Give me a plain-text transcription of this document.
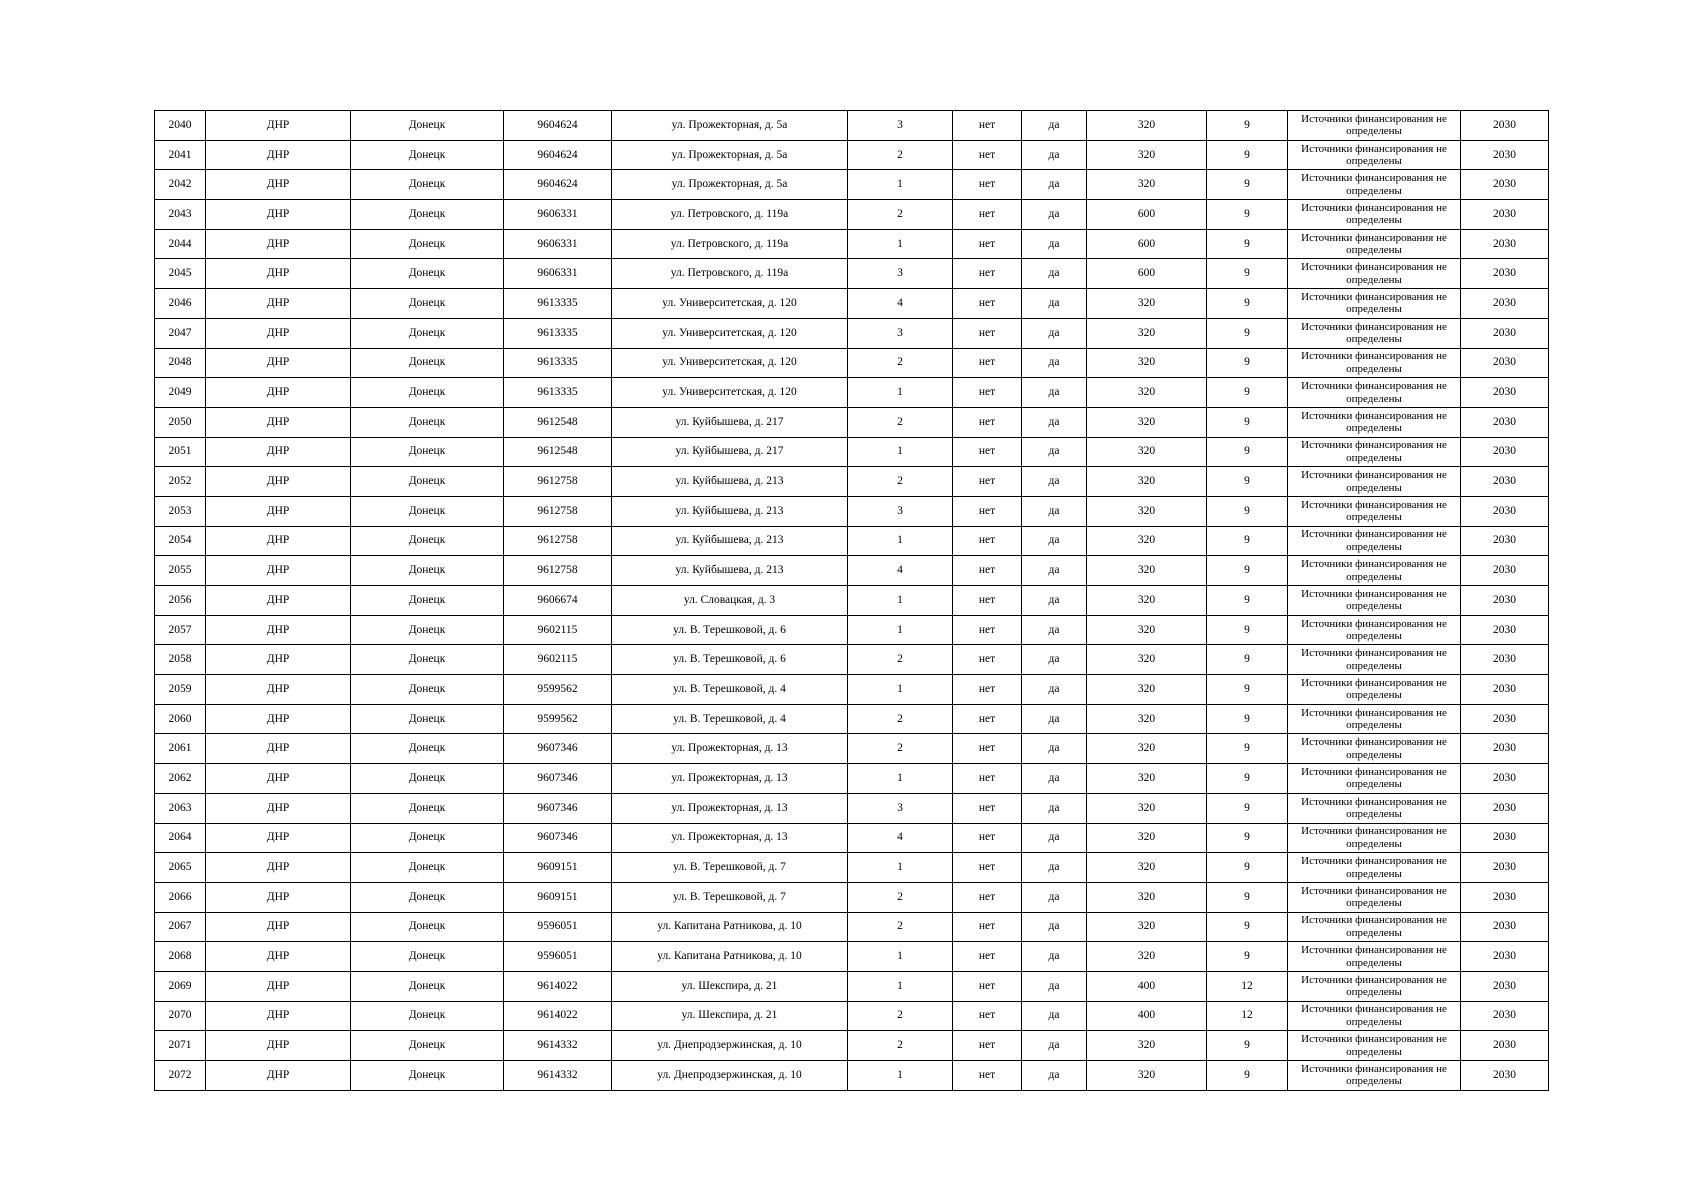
2040	ДНР	Донецк	9604624	ул. Прожекторная, д. 5а	3	нет	да	320	9	Источники финансирования не определены	2030
2041	ДНР	Донецк	9604624	ул. Прожекторная, д. 5а	2	нет	да	320	9	Источники финансирования не определены	2030
2042	ДНР	Донецк	9604624	ул. Прожекторная, д. 5а	1	нет	да	320	9	Источники финансирования не определены	2030
2043	ДНР	Донецк	9606331	ул. Петровского, д. 119а	2	нет	да	600	9	Источники финансирования не определены	2030
2044	ДНР	Донецк	9606331	ул. Петровского, д. 119а	1	нет	да	600	9	Источники финансирования не определены	2030
2045	ДНР	Донецк	9606331	ул. Петровского, д. 119а	3	нет	да	600	9	Источники финансирования не определены	2030
2046	ДНР	Донецк	9613335	ул. Университетская, д. 120	4	нет	да	320	9	Источники финансирования не определены	2030
2047	ДНР	Донецк	9613335	ул. Университетская, д. 120	3	нет	да	320	9	Источники финансирования не определены	2030
2048	ДНР	Донецк	9613335	ул. Университетская, д. 120	2	нет	да	320	9	Источники финансирования не определены	2030
2049	ДНР	Донецк	9613335	ул. Университетская, д. 120	1	нет	да	320	9	Источники финансирования не определены	2030
2050	ДНР	Донецк	9612548	ул. Куйбышева, д. 217	2	нет	да	320	9	Источники финансирования не определены	2030
2051	ДНР	Донецк	9612548	ул. Куйбышева, д. 217	1	нет	да	320	9	Источники финансирования не определены	2030
2052	ДНР	Донецк	9612758	ул. Куйбышева, д. 213	2	нет	да	320	9	Источники финансирования не определены	2030
2053	ДНР	Донецк	9612758	ул. Куйбышева, д. 213	3	нет	да	320	9	Источники финансирования не определены	2030
2054	ДНР	Донецк	9612758	ул. Куйбышева, д. 213	1	нет	да	320	9	Источники финансирования не определены	2030
2055	ДНР	Донецк	9612758	ул. Куйбышева, д. 213	4	нет	да	320	9	Источники финансирования не определены	2030
2056	ДНР	Донецк	9606674	ул. Словацкая, д. 3	1	нет	да	320	9	Источники финансирования не определены	2030
2057	ДНР	Донецк	9602115	ул. В. Терешковой, д. 6	1	нет	да	320	9	Источники финансирования не определены	2030
2058	ДНР	Донецк	9602115	ул. В. Терешковой, д. 6	2	нет	да	320	9	Источники финансирования не определены	2030
2059	ДНР	Донецк	9599562	ул. В. Терешковой, д. 4	1	нет	да	320	9	Источники финансирования не определены	2030
2060	ДНР	Донецк	9599562	ул. В. Терешковой, д. 4	2	нет	да	320	9	Источники финансирования не определены	2030
2061	ДНР	Донецк	9607346	ул. Прожекторная, д. 13	2	нет	да	320	9	Источники финансирования не определены	2030
2062	ДНР	Донецк	9607346	ул. Прожекторная, д. 13	1	нет	да	320	9	Источники финансирования не определены	2030
2063	ДНР	Донецк	9607346	ул. Прожекторная, д. 13	3	нет	да	320	9	Источники финансирования не определены	2030
2064	ДНР	Донецк	9607346	ул. Прожекторная, д. 13	4	нет	да	320	9	Источники финансирования не определены	2030
2065	ДНР	Донецк	9609151	ул. В. Терешковой, д. 7	1	нет	да	320	9	Источники финансирования не определены	2030
2066	ДНР	Донецк	9609151	ул. В. Терешковой, д. 7	2	нет	да	320	9	Источники финансирования не определены	2030
2067	ДНР	Донецк	9596051	ул. Капитана Ратникова, д. 10	2	нет	да	320	9	Источники финансирования не определены	2030
2068	ДНР	Донецк	9596051	ул. Капитана Ратникова, д. 10	1	нет	да	320	9	Источники финансирования не определены	2030
2069	ДНР	Донецк	9614022	ул. Шекспира, д. 21	1	нет	да	400	12	Источники финансирования не определены	2030
2070	ДНР	Донецк	9614022	ул. Шекспира, д. 21	2	нет	да	400	12	Источники финансирования не определены	2030
2071	ДНР	Донецк	9614332	ул. Днепродзержинская, д. 10	2	нет	да	320	9	Источники финансирования не определены	2030
2072	ДНР	Донецк	9614332	ул. Днепродзержинская, д. 10	1	нет	да	320	9	Источники финансирования не определены	2030
